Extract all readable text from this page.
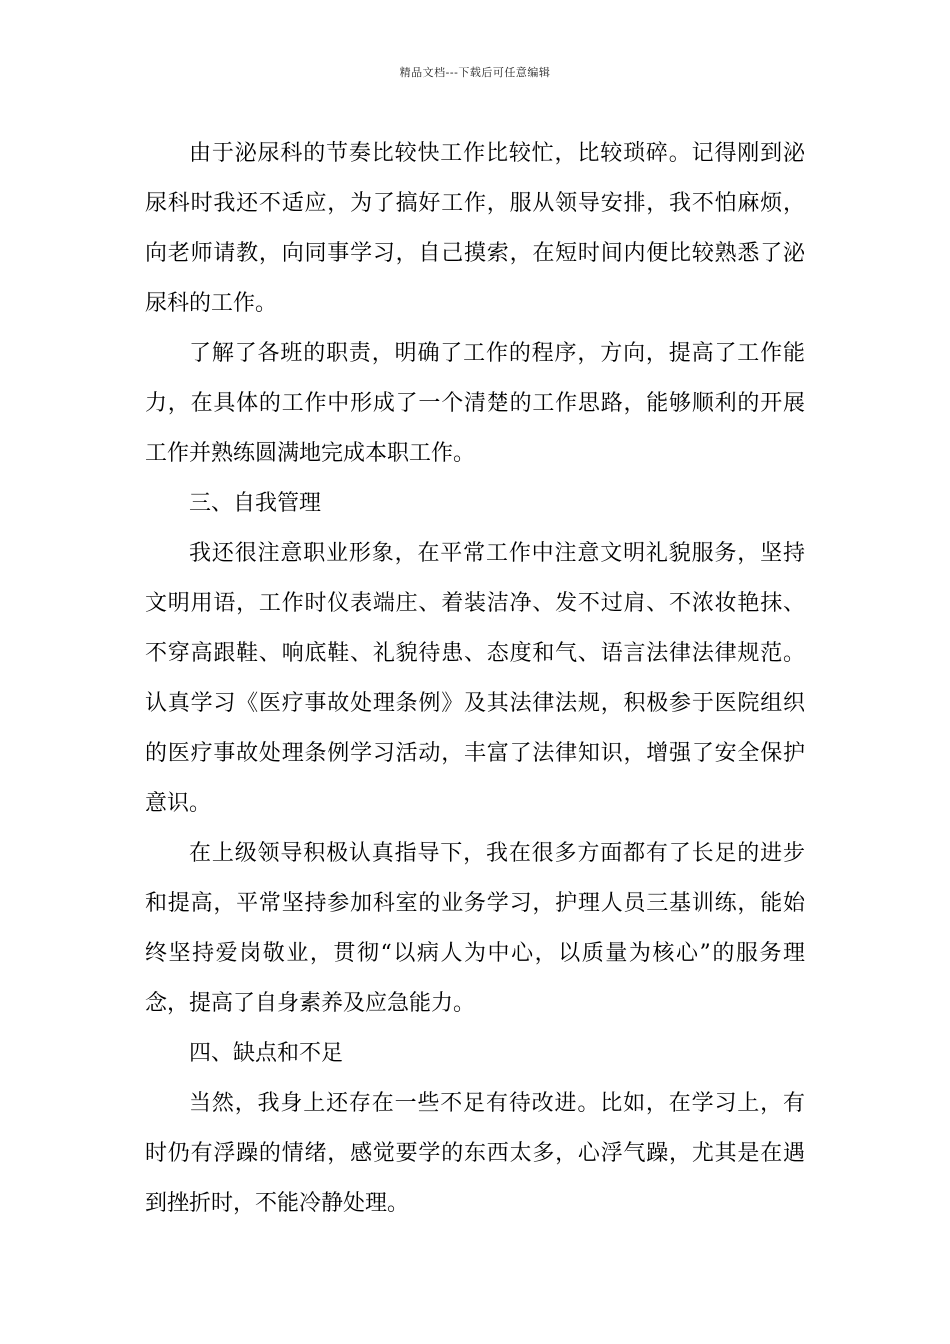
精品文档---下载后可任意编辑
由于泌尿科的节奏比较快工作比较忙，比较琐碎。记得刚到泌
尿科时我还不适应，为了搞好工作，服从领导安排，我不怕麻烦，
向老师请教，向同事学习，自己摸索，在短时间内便比较熟悉了泌
尿科的工作。
了解了各班的职责，明确了工作的程序，方向，提高了工作能
力，在具体的工作中形成了一个清楚的工作思路，能够顺利的开展
工作并熟练圆满地完成本职工作。
三、自我管理
我还很注意职业形象，在平常工作中注意文明礼貌服务，坚持
文明用语，工作时仪表端庄、着装洁净、发不过肩、不浓妆艳抹、
不穿高跟鞋、响底鞋、礼貌待患、态度和气、语言法律法律规范。
认真学习《医疗事故处理条例》及其法律法规，积极参于医院组织
的医疗事故处理条例学习活动，丰富了法律知识，增强了安全保护
意识。
在上级领导积极认真指导下，我在很多方面都有了长足的进步
和提高，平常坚持参加科室的业务学习，护理人员三基训练，能始
终坚持爱岗敬业，贯彻“以病人为中心，以质量为核心”的服务理
念，提高了自身素养及应急能力。
四、缺点和不足
当然，我身上还存在一些不足有待改进。比如，在学习上，有
时仍有浮躁的情绪，感觉要学的东西太多，心浮气躁，尤其是在遇
到挫折时，不能冷静处理。
